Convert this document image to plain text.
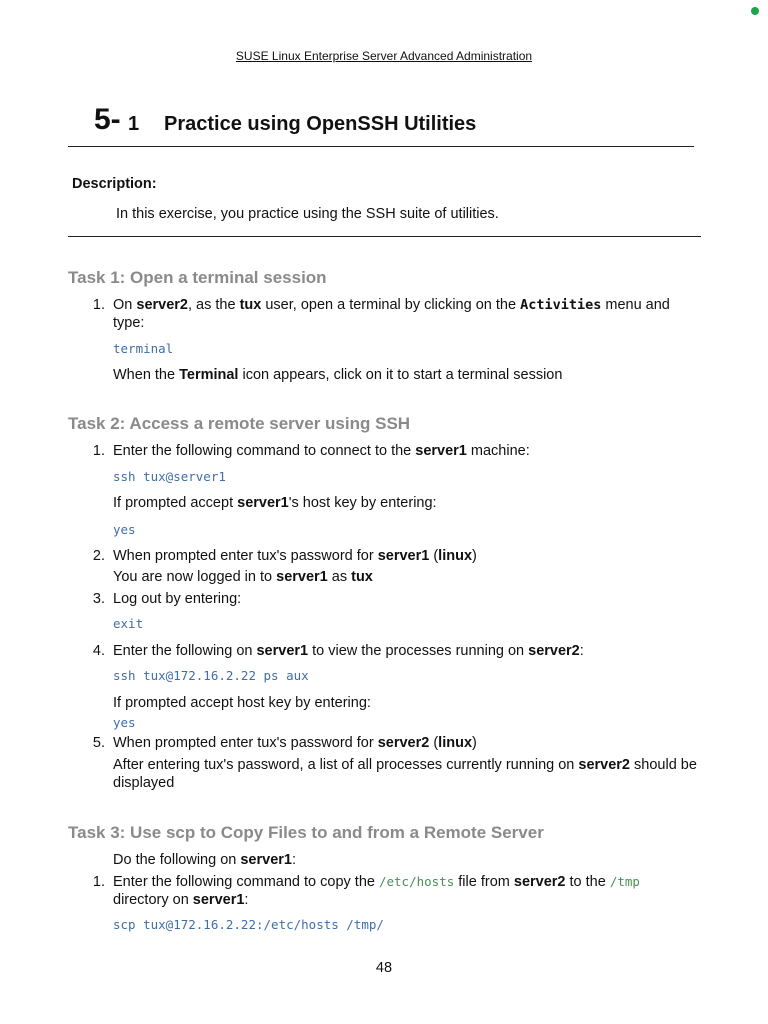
SUSE Linux Enterprise Server Advanced Administration
5- 1 Practice using OpenSSH Utilities
Description:
In this exercise, you practice using the SSH suite of utilities.
Task 1: Open a terminal session
1. On server2, as the tux user, open a terminal by clicking on the Activities menu and type:
terminal
When the Terminal icon appears, click on it to start a terminal session
Task 2: Access a remote server using SSH
1. Enter the following command to connect to the server1 machine:
ssh tux@server1
If prompted accept server1's host key by entering:
yes
2. When prompted enter tux's password for server1 (linux)
You are now logged in to server1 as tux
3. Log out by entering:
exit
4. Enter the following on server1 to view the processes running on server2:
ssh tux@172.16.2.22 ps aux
If prompted accept host key by entering:
yes
5. When prompted enter tux's password for server2 (linux)
After entering tux's password, a list of all processes currently running on server2 should be displayed
Task 3: Use scp to Copy Files to and from a Remote Server
Do the following on server1:
1. Enter the following command to copy the /etc/hosts file from server2 to the /tmp
directory on server1:
scp tux@172.16.2.22:/etc/hosts /tmp/
48
